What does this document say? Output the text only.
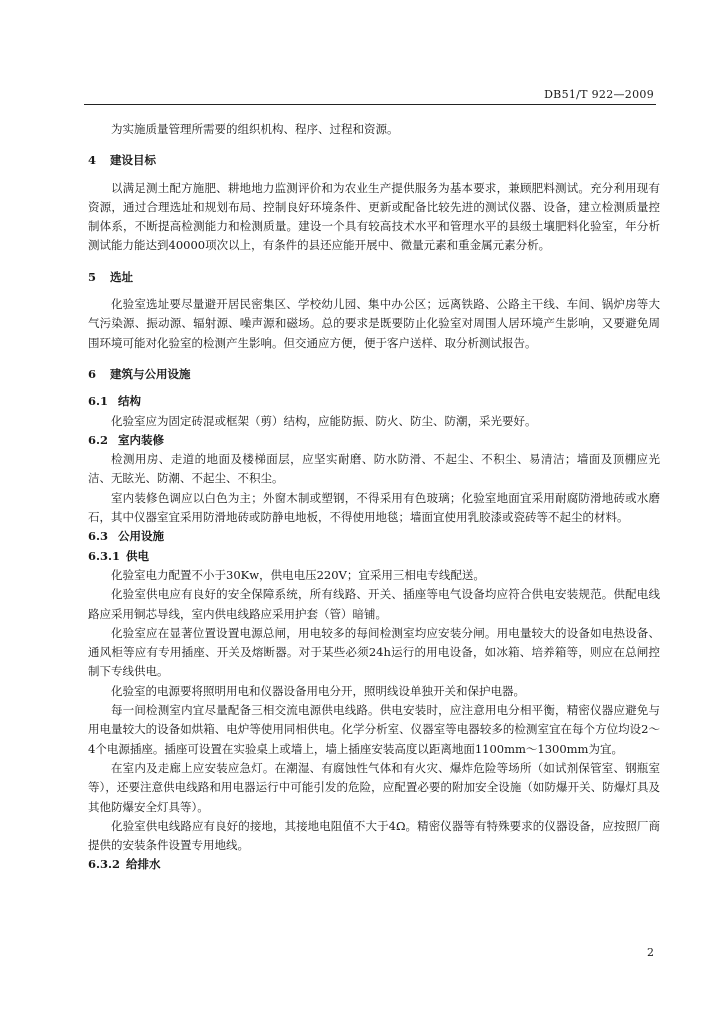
DB51/T 922—2009

为实施质量管理所需要的组织机构、程序、过程和资源。

4 建设目标

以满足测土配方施肥、耕地地力监测评价和为农业生产提供服务为基本要求，兼顾肥料测试。充分利用现有资源，通过合理选址和规划布局、控制良好环境条件、更新或配备比较先进的测试仪器、设备，建立检测质量控制体系，不断提高检测能力和检测质量。建设一个具有较高技术水平和管理水平的县级土壤肥料化验室，年分析测试能力能达到40000项次以上，有条件的县还应能开展中、微量元素和重金属元素分析。

5 选址

化验室选址要尽量避开居民密集区、学校幼儿园、集中办公区；远离铁路、公路主干线、车间、锅炉房等大气污染源、振动源、辐射源、噪声源和磁场。总的要求是既要防止化验室对周围人居环境产生影响，又要避免周围环境可能对化验室的检测产生影响。但交通应方便，便于客户送样、取分析测试报告。

6 建筑与公用设施
6.1 结构

化验室应为固定砖混或框架（剪）结构，应能防振、防火、防尘、防潮，采光要好。

6.2 室内装修

检测用房、走道的地面及楼梯面层，应坚实耐磨、防水防滑、不起尘、不积尘、易清洁；墙面及顶棚应光洁、无眩光、防潮、不起尘、不积尘。

室内装修色调应以白色为主；外窗木制或塑钢，不得采用有色玻璃；化验室地面宜采用耐腐防滑地砖或水磨石，其中仪器室宜采用防滑地砖或防静电地板，不得使用地毯；墙面宜使用乳胶漆或瓷砖等不起尘的材料。

6.3 公用设施
6.3.1 供电

化验室电力配置不小于30Kw，供电电压220V；宜采用三相电专线配送。

化验室供电应有良好的安全保障系统，所有线路、开关、插座等电气设备均应符合供电安装规范。供配电线路应采用铜芯导线，室内供电线路应采用护套（管）暗铺。

化验室应在显著位置设置电源总闸，用电较多的每间检测室均应安装分闸。用电量较大的设备如电热设备、通风柜等应有专用插座、开关及熔断器。对于某些必须24h运行的用电设备，如冰箱、培养箱等，则应在总闸控制下专线供电。

化验室的电源要将照明用电和仪器设备用电分开，照明线设单独开关和保护电器。

每一间检测室内宜尽量配备三相交流电源供电线路。供电安装时，应注意用电分相平衡，精密仪器应避免与用电量较大的设备如烘箱、电炉等使用同相供电。化学分析室、仪器室等电器较多的检测室宜在每个方位均设2～4个电源插座。插座可设置在实验桌上或墙上，墙上插座安装高度以距离地面1100mm～1300mm为宜。

在室内及走廊上应安装应急灯。在潮湿、有腐蚀性气体和有火灾、爆炸危险等场所（如试剂保管室、钢瓶室等），还要注意供电线路和用电器运行中可能引发的危险，应配置必要的附加安全设施（如防爆开关、防爆灯具及其他防爆安全灯具等）。

化验室供电线路应有良好的接地，其接地电阻值不大于4Ω。精密仪器等有特殊要求的仪器设备，应按照厂商提供的安装条件设置专用地线。

6.3.2 给排水
2
